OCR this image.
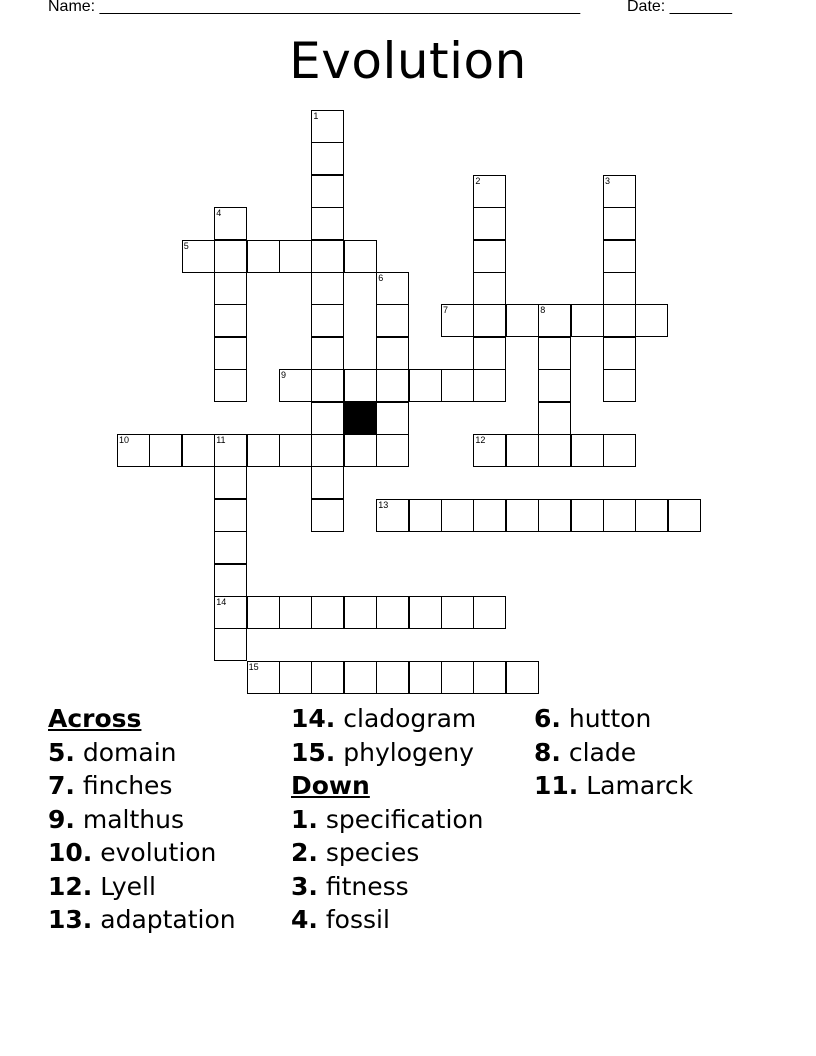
Name: ______________________________________________________	Date: _______
Evolution
1
2	3
4
5
6
7	8
9
10	11
14
12
13
15
Across
5. domain
7. finches
9. malthus
10. evolution
12. Lyell
13. adaptation
14. cladogram
15. phylogeny
Down
1. specification
2. species
3. fitness
4. fossil
6. hutton
8. clade
11. Lamarck
